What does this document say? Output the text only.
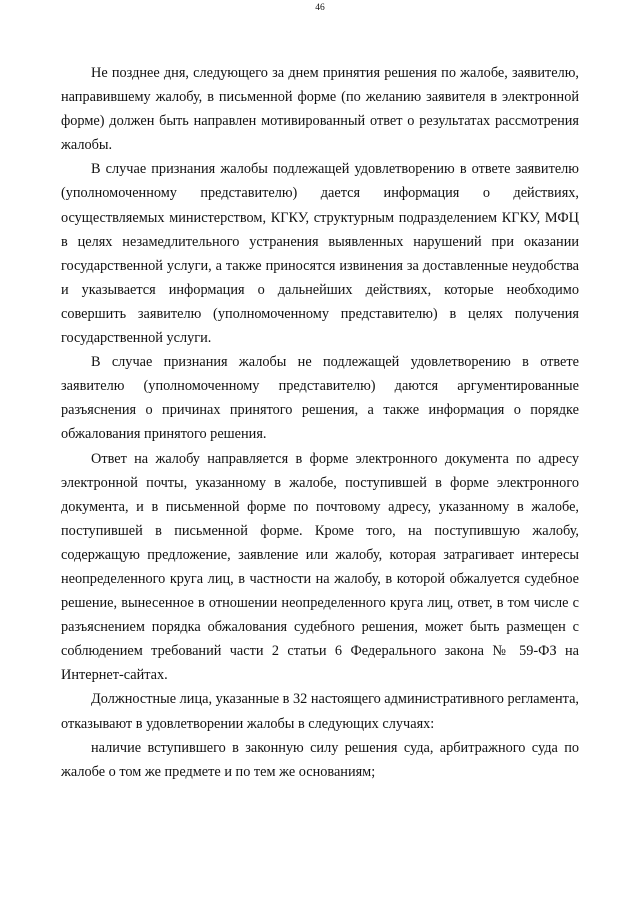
46

Не позднее дня, следующего за днем принятия решения по жалобе, заявителю, направившему жалобу, в письменной форме (по желанию заявителя в электронной форме) должен быть направлен мотивированный ответ о результатах рассмотрения жалобы.

В случае признания жалобы подлежащей удовлетворению в ответе заявителю (уполномоченному представителю) дается информация о действиях, осуществляемых министерством, КГКУ, структурным подразделением КГКУ, МФЦ в целях незамедлительного устранения выявленных нарушений при оказании государственной услуги, а также приносятся извинения за доставленные неудобства и указывается информация о дальнейших действиях, которые необходимо совершить заявителю (уполномоченному представителю) в целях получения государственной услуги.

В случае признания жалобы не подлежащей удовлетворению в ответе заявителю (уполномоченному представителю) даются аргументированные разъяснения о причинах принятого решения, а также информация о порядке обжалования принятого решения.

Ответ на жалобу направляется в форме электронного документа по адресу электронной почты, указанному в жалобе, поступившей в форме электронного документа, и в письменной форме по почтовому адресу, указанному в жалобе, поступившей в письменной форме. Кроме того, на поступившую жалобу, содержащую предложение, заявление или жалобу, которая затрагивает интересы неопределенного круга лиц, в частности на жалобу, в которой обжалуется судебное решение, вынесенное в отношении неопределенного круга лиц, ответ, в том числе с разъяснением порядка обжалования судебного решения, может быть размещен с соблюдением требований части 2 статьи 6 Федерального закона № 59-ФЗ на Интернет-сайтах.

Должностные лица, указанные в 32 настоящего административного регламента, отказывают в удовлетворении жалобы в следующих случаях:

наличие вступившего в законную силу решения суда, арбитражного суда по жалобе о том же предмете и по тем же основаниям;
